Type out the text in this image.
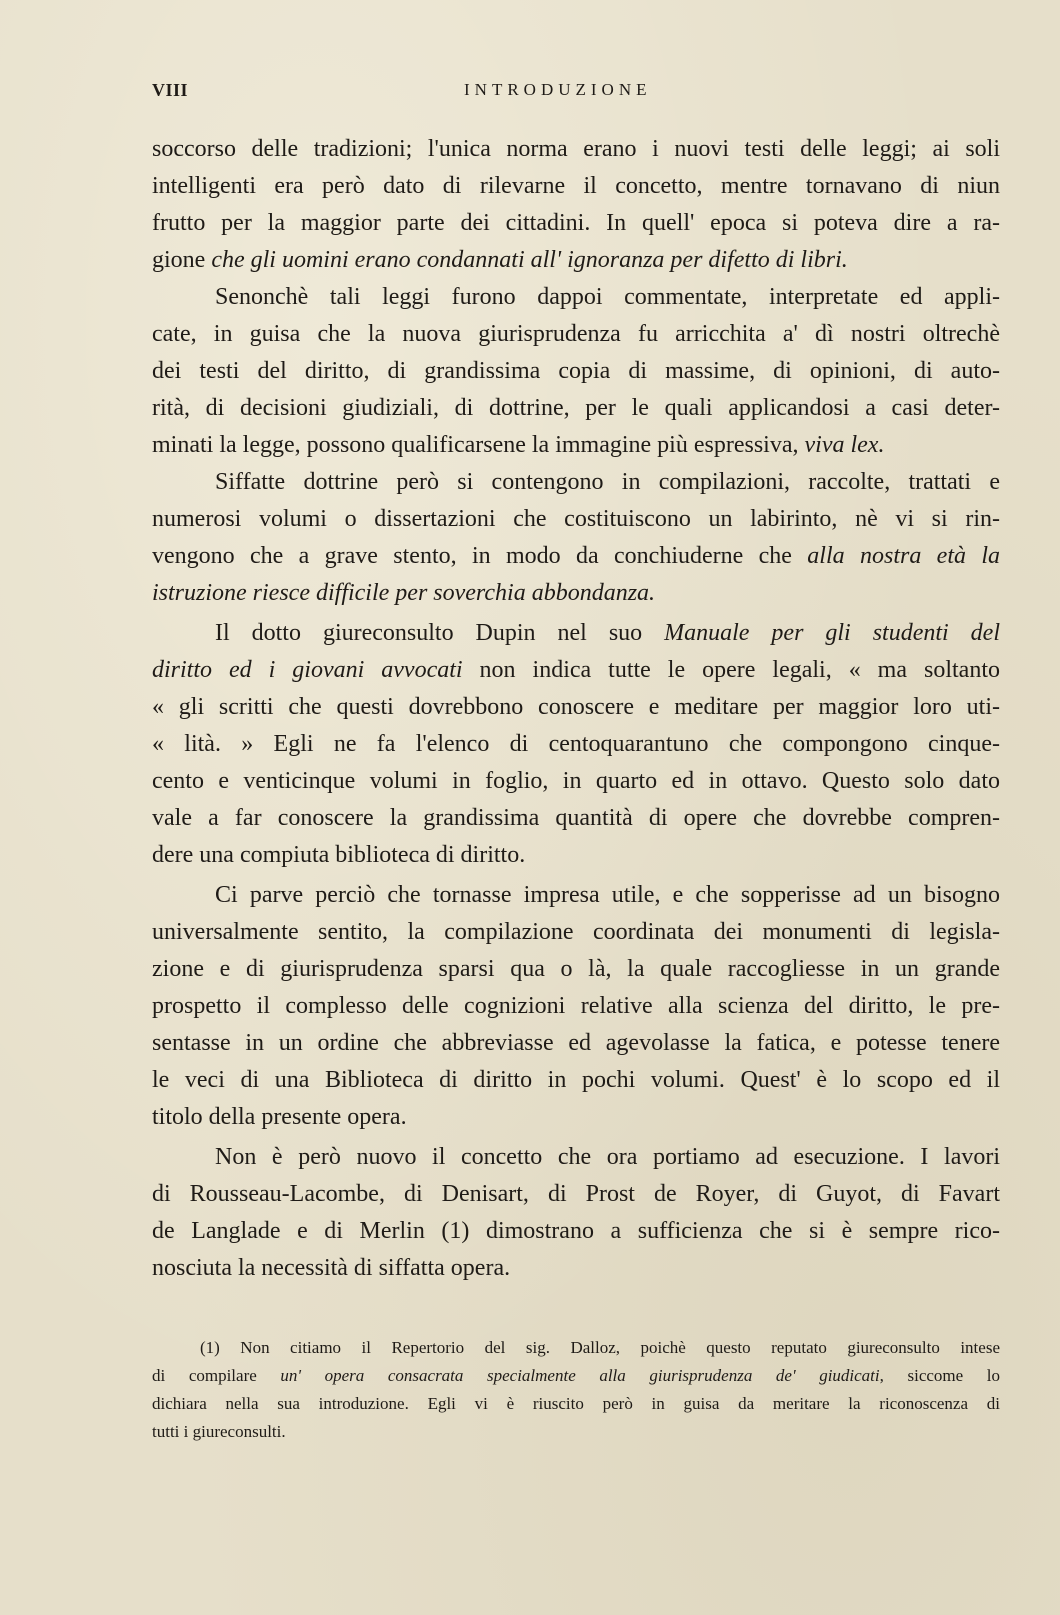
VIII	INTRODUZIONE
soccorso delle tradizioni; l'unica norma erano i nuovi testi delle leggi; ai soli
intelligenti era però dato di rilevarne il concetto, mentre tornavano di niun
frutto per la maggior parte dei cittadini. In quell' epoca si poteva dire a ra-
gione che gli uomini erano condannati all' ignoranza per difetto di libri.
Senonchè tali leggi furono dappoi commentate, interpretate ed appli-
cate, in guisa che la nuova giurisprudenza fu arricchita a' dì nostri oltrechè
dei testi del diritto, di grandissima copia di massime, di opinioni, di auto-
rità, di decisioni giudiziali, di dottrine, per le quali applicandosi a casi deter-
minati la legge, possono qualificarsene la immagine più espressiva, viva lex.
Siffatte dottrine però si contengono in compilazioni, raccolte, trattati e
numerosi volumi o dissertazioni che costituiscono un labirinto, nè vi si rin-
vengono che a grave stento, in modo da conchiuderne che alla nostra età la
istruzione riesce difficile per soverchia abbondanza.
Il dotto giureconsulto Dupin nel suo Manuale per gli studenti del
diritto ed i giovani avvocati non indica tutte le opere legali, « ma soltanto
« gli scritti che questi dovrebbono conoscere e meditare per maggior loro uti-
« lità. » Egli ne fa l'elenco di centoquarantuno che compongono cinque-
cento e venticinque volumi in foglio, in quarto ed in ottavo. Questo solo dato
vale a far conoscere la grandissima quantità di opere che dovrebbe compren-
dere una compiuta biblioteca di diritto.
Ci parve perciò che tornasse impresa utile, e che sopperisse ad un bisogno
universalmente sentito, la compilazione coordinata dei monumenti di legisla-
zione e di giurisprudenza sparsi qua o là, la quale raccogliesse in un grande
prospetto il complesso delle cognizioni relative alla scienza del diritto, le pre-
sentasse in un ordine che abbreviasse ed agevolasse la fatica, e potesse tenere
le veci di una Biblioteca di diritto in pochi volumi. Quest' è lo scopo ed il
titolo della presente opera.
Non è però nuovo il concetto che ora portiamo ad esecuzione. I lavori
di Rousseau-Lacombe, di Denisart, di Prost de Royer, di Guyot, di Favart
de Langlade e di Merlin (1) dimostrano a sufficienza che si è sempre rico-
nosciuta la necessità di siffatta opera.
(1) Non citiamo il Repertorio del sig. Dalloz, poichè questo reputato giureconsulto intese
di compilare un' opera consacrata specialmente alla giurisprudenza de' giudicati, siccome lo
dichiara nella sua introduzione. Egli vi è riuscito però in guisa da meritare la riconoscenza di
tutti i giureconsulti.
